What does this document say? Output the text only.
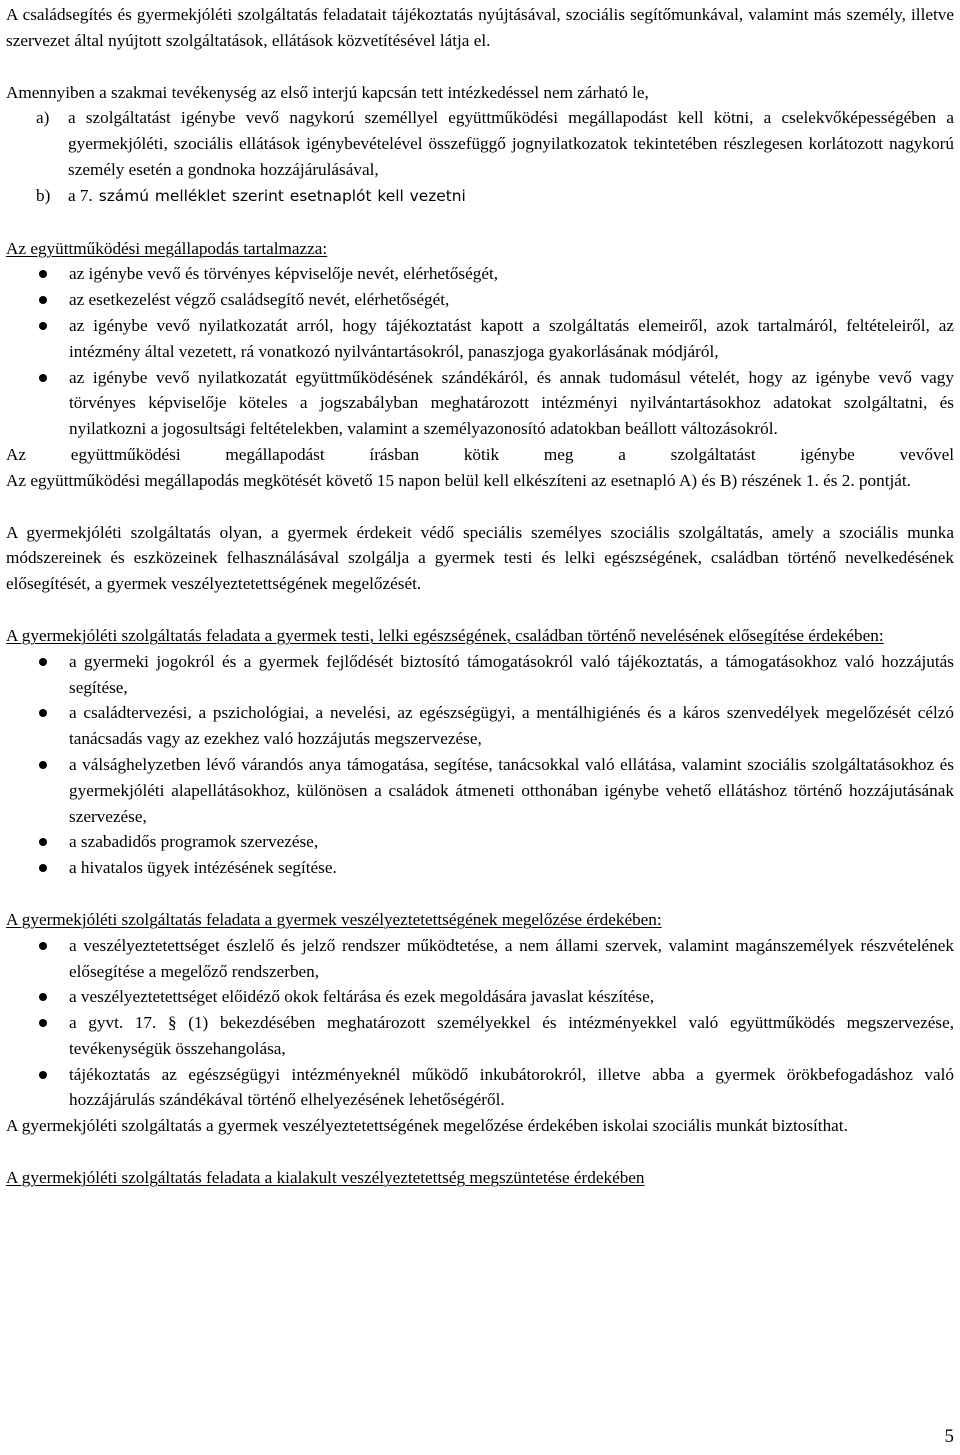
A családsegítés és gyermekjóléti szolgáltatás feladatait tájékoztatás nyújtásával, szociális segítőmunkával, valamint más személy, illetve szervezet által nyújtott szolgáltatások, ellátások közvetítésével látja el.

Amennyiben a szakmai tevékenység az első interjú kapcsán tett intézkedéssel nem zárható le,

a) a szolgáltatást igénybe vevő nagykorú személlyel együttműködési megállapodást kell kötni, a cselekvőképességében a gyermekjóléti, szociális ellátások igénybevételével összefüggő jognyilatkozatok tekintetében részlegesen korlátozott nagykorú személy esetén a gondnoka hozzájárulásával,
b) a 7. számú melléklet szerint esetnaplót kell vezetni

Az együttműködési megállapodás tartalmazza:

az igénybe vevő és törvényes képviselője nevét, elérhetőségét,
az esetkezelést végző családsegítő nevét, elérhetőségét,
az igénybe vevő nyilatkozatát arról, hogy tájékoztatást kapott a szolgáltatás elemeiről, azok tartalmáról, feltételeiről, az intézmény által vezetett, rá vonatkozó nyilvántartásokról, panaszjoga gyakorlásának módjáról,
az igénybe vevő nyilatkozatát együttműködésének szándékáról, és annak tudomásul vételét, hogy az igénybe vevő vagy törvényes képviselője köteles a jogszabályban meghatározott intézményi nyilvántartásokhoz adatokat szolgáltatni, és nyilatkozni a jogosultsági feltételekben, valamint a személyazonosító adatokban beállott változásokról.

Az együttműködési megállapodást írásban kötik meg a szolgáltatást igénybe vevővel

Az együttműködési megállapodás megkötését követő 15 napon belül kell elkészíteni az esetnapló A) és B) részének 1. és 2. pontját.

A gyermekjóléti szolgáltatás olyan, a gyermek érdekeit védő speciális személyes szociális szolgáltatás, amely a szociális munka módszereinek és eszközeinek felhasználásával szolgálja a gyermek testi és lelki egészségének, családban történő nevelkedésének elősegítését, a gyermek veszélyeztetettségének megelőzését.

A gyermekjóléti szolgáltatás feladata a gyermek testi, lelki egészségének, családban történő nevelésének elősegítése érdekében:

a gyermeki jogokról és a gyermek fejlődését biztosító támogatásokról való tájékoztatás, a támogatásokhoz való hozzájutás segítése,
a családtervezési, a pszichológiai, a nevelési, az egészségügyi, a mentálhigiénés és a káros szenvedélyek megelőzését célzó tanácsadás vagy az ezekhez való hozzájutás megszervezése,
a válsághelyzetben lévő várandós anya támogatása, segítése, tanácsokkal való ellátása, valamint szociális szolgáltatásokhoz és gyermekjóléti alapellátásokhoz, különösen a családok átmeneti otthonában igénybe vehető ellátáshoz történő hozzájutásának szervezése,
a szabadidős programok szervezése,
a hivatalos ügyek intézésének segítése.

A gyermekjóléti szolgáltatás feladata a gyermek veszélyeztetettségének megelőzése érdekében:

a veszélyeztetettséget észlelő és jelző rendszer működtetése, a nem állami szervek, valamint magánszemélyek részvételének elősegítése a megelőző rendszerben,
a veszélyeztetettséget előidéző okok feltárása és ezek megoldására javaslat készítése,
a gyvt. 17. § (1) bekezdésében meghatározott személyekkel és intézményekkel való együttműködés megszervezése, tevékenységük összehangolása,
tájékoztatás az egészségügyi intézményeknél működő inkubátorokról, illetve abba a gyermek örökbefogadáshoz való hozzájárulás szándékával történő elhelyezésének lehetőségéről.

A gyermekjóléti szolgáltatás a gyermek veszélyeztetettségének megelőzése érdekében iskolai szociális munkát biztosíthat.

A gyermekjóléti szolgáltatás feladata a kialakult veszélyeztetettség megszüntetése érdekében

5
